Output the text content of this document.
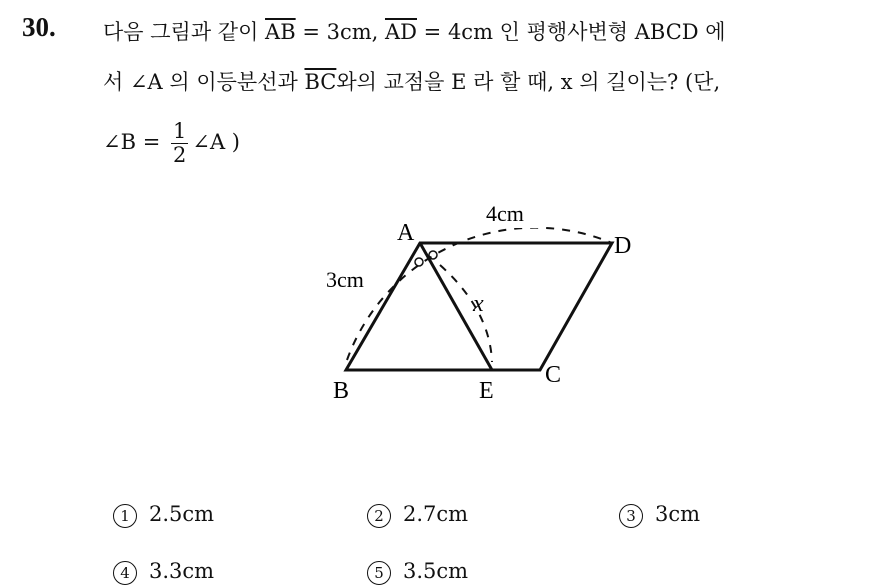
30. 다음 그림과 같이 $\overline{AB} = 3cm$, $\overline{AD} = 4cm$ 인 평행사변형 ABCD 에
서 ∠A 의 이등분선과 $\overline{BC}$와의 교점을 E 라 할 때, x 의 길이는? (단,
∠B = $\frac{1}{2}$ ∠A )
A
B
C
D
E
3cm
4cm
x
1 2.5cm	2 2.7cm	3 3cm
4 3.3cm	5 3.5cm
